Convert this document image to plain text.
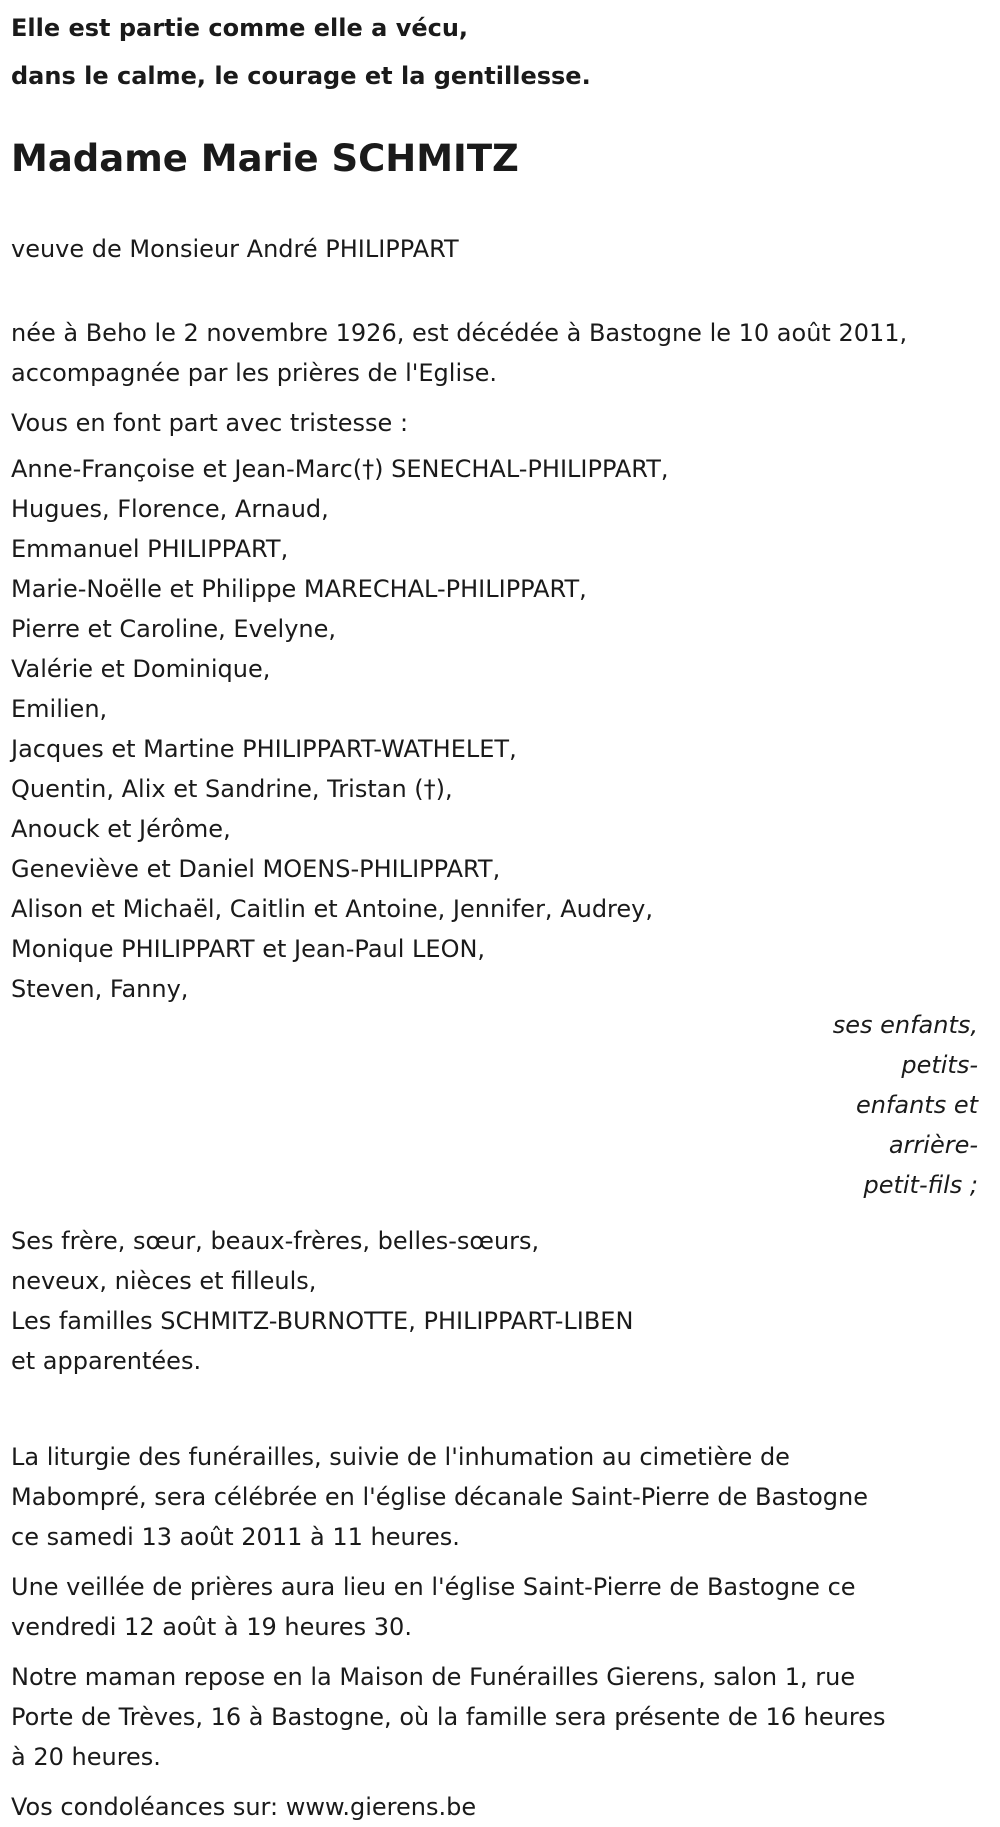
Elle est partie comme elle a vécu,

dans le calme, le courage et la gentillesse.

Madame Marie SCHMITZ

veuve de Monsieur André PHILIPPART

née à Beho le 2 novembre 1926, est décédée à Bastogne le 10 août 2011,
accompagnée par les prières de l'Eglise.

Vous en font part avec tristesse :

Anne-Françoise et Jean-Marc(†) SENECHAL-PHILIPPART,
Hugues, Florence, Arnaud,
Emmanuel PHILIPPART,
Marie-Noëlle et Philippe MARECHAL-PHILIPPART,
Pierre et Caroline, Evelyne,
Valérie et Dominique,
Emilien,
Jacques et Martine PHILIPPART-WATHELET,
Quentin, Alix et Sandrine, Tristan (†),
Anouck et Jérôme,
Geneviève et Daniel MOENS-PHILIPPART,
Alison et Michaël, Caitlin et Antoine, Jennifer, Audrey,
Monique PHILIPPART et Jean-Paul LEON,
Steven, Fanny,
ses enfants, petits-
enfants et arrière-
petit-fils ;
Ses frère, sœur, beaux-frères, belles-sœurs,
neveux, nièces et filleuls,
Les familles SCHMITZ-BURNOTTE, PHILIPPART-LIBEN
et apparentées.
La liturgie des funérailles, suivie de l'inhumation au cimetière de
Mabompré, sera célébrée en l'église décanale Saint-Pierre de Bastogne
ce samedi 13 août 2011 à 11 heures.
Une veillée de prières aura lieu en l'église Saint-Pierre de Bastogne ce
vendredi 12 août à 19 heures 30.
Notre maman repose en la Maison de Funérailles Gierens, salon 1, rue
Porte de Trèves, 16 à Bastogne, où la famille sera présente de 16 heures
à 20 heures.

Vos condoléances sur: www.gierens.be
